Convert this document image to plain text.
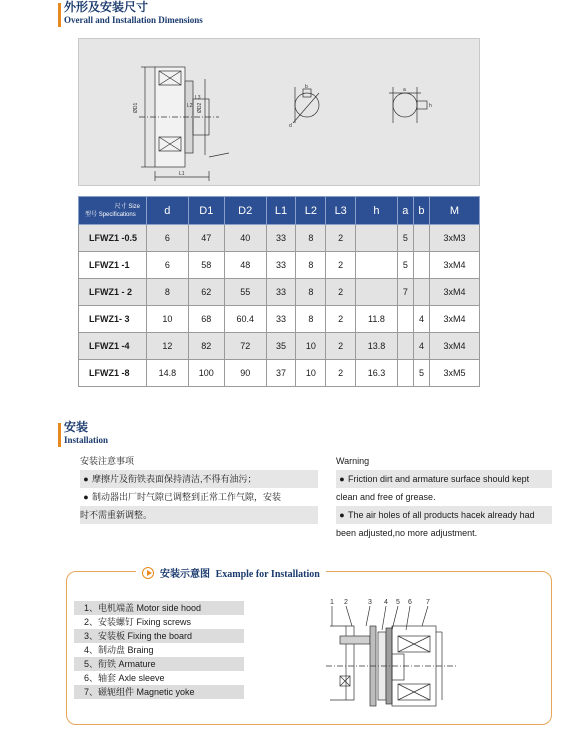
外形及安装尺寸
Overall and Installation Dimensions
ØD1	ØD2
L1
L2
L3
b
d
a
h
尺寸 Size
型号 Specifications	d	D1	D2	L1	L2	L3	h	a	b	M
LFWZ1 -0.5	6	47	40	33	8	2		5		3xM3
LFWZ1 -1	6	58	48	33	8	2		5		3xM4
LFWZ1 - 2	8	62	55	33	8	2		7		3xM4
LFWZ1- 3	10	68	60.4	33	8	2	11.8		4	3xM4
LFWZ1 -4	12	82	72	35	10	2	13.8		4	3xM4
LFWZ1 -8	14.8	100	90	37	10	2	16.3		5	3xM5
安装
Installation
安装注意事项
● 摩擦片及衔铁表面保持清洁,不得有油污；
● 制动器出厂时气隙已调整到正常工作气隙，安装
时不需重新调整。
Warning
● Friction dirt and armature surface should kept
clean and free of grease.
● The air holes of all products hacek already had
been adjusted,no more adjustment.
安装示意图 Example for Installation
1、电机端盖 Motor side hood
2、安装螺钉 Fixing screws
3、安装板 Fixing the board
4、制动盘 Braing
5、衔铁 Armature
6、轴套 Axle sleeve
7、磁轭组件 Magnetic yoke
1 2	3 4 5 6 7
